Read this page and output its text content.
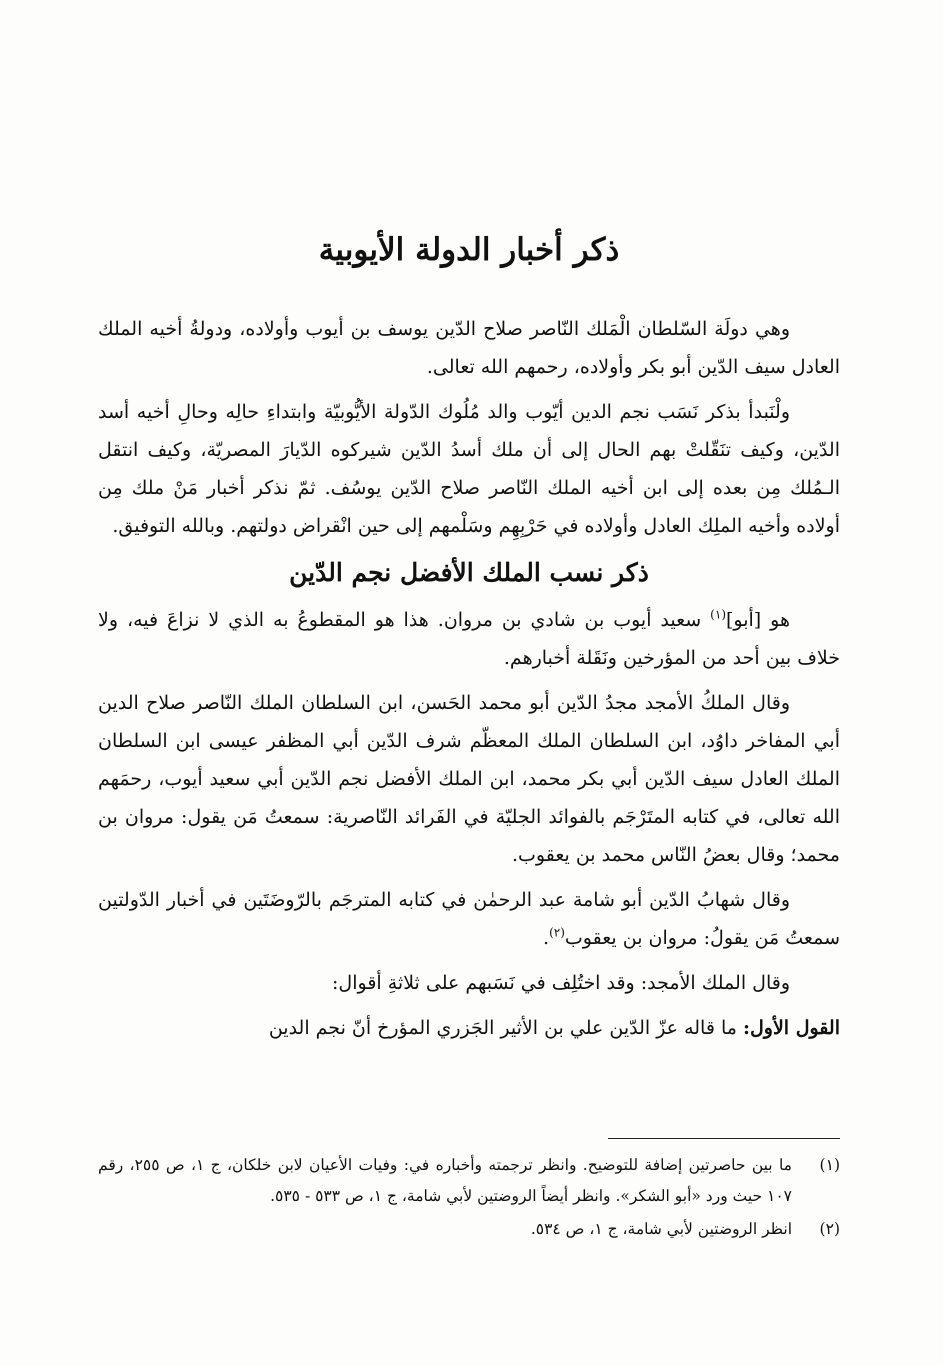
ذكر أخبار الدولة الأيوبية

وهي دولَة السّلطان الْمَلك النّاصر صلاح الدّين يوسف بن أيوب وأولاده، ودولةُ أخيه الملك العادل سيف الدّين أبو بكر وأولاده، رحمهم الله تعالى.

ولْنَبدأ بذكر نَسَب نجم الدين أيّوب والد مُلُوك الدّولة الأيُّوبيّة وابتداءِ حالِه وحالِ أخيه أسد الدّين، وكيف تنَقّلتْ بهم الحال إلى أن ملك أسدُ الدّين شيركوه الدّيارَ المصريّة، وكيف انتقل الـمُلك مِن بعده إلى ابن أخيه الملك النّاصر صلاح الدّين يوسُف. ثمّ نذكر أخبار مَنْ ملك مِن أولاده وأخيه الملِك العادل وأولاده في حَرْبِهِم وسَلْمهم إلى حين انْقراض دولتهم. وبالله التوفيق.

ذكر نسب الملك الأفضل نجم الدّين

هو [أبو]$^{(١)}$ سعيد أيوب بن شادي بن مروان. هذا هو المقطوعُ به الذي لا نزاعَ فيه، ولا خلاف بين أحد من المؤرخين ونَقَلة أخبارهم.

وقال الملكُ الأمجد مجدُ الدّين أبو محمد الحَسن، ابن السلطان الملك النّاصر صلاح الدين أبي المفاخر داوُد، ابن السلطان الملك المعظّم شرف الدّين أبي المظفر عيسى ابن السلطان الملك العادل سيف الدّين أبي بكر محمد، ابن الملك الأفضل نجم الدّين أبي سعيد أيوب، رحمَهم الله تعالى، في كتابه المتَرْجَم بالفوائد الجليّة في الفَرائد النّاصرية: سمعتُ مَن يقول: مروان بن محمد؛ وقال بعضُ النّاس محمد بن يعقوب.

وقال شهابُ الدّين أبو شامة عبد الرحمٰن في كتابه المترجَم بالرّوضَتَين في أخبار الدّولتين سمعتُ مَن يقولُ: مروان بن يعقوب$^{(٢)}$.

وقال الملك الأمجد: وقد اختُلِف في نَسَبهم على ثلاثةِ أقوال:

القول الأول: ما قاله عزّ الدّين علي بن الأثير الجَزري المؤرخ أنّ نجم الدين

(١)
ما بين حاصرتين إضافة للتوضيح. وانظر ترجمته وأخباره في: وفيات الأعيان لابن خلكان، ج ١، ص ٢٥٥، رقم ١٠٧ حيث ورد «أبو الشكر». وانظر أيضاً الروضتين لأبي شامة، ج ١، ص ٥٣٣ - ٥٣٥.
(٢)
انظر الروضتين لأبي شامة، ج ١، ص ٥٣٤.
